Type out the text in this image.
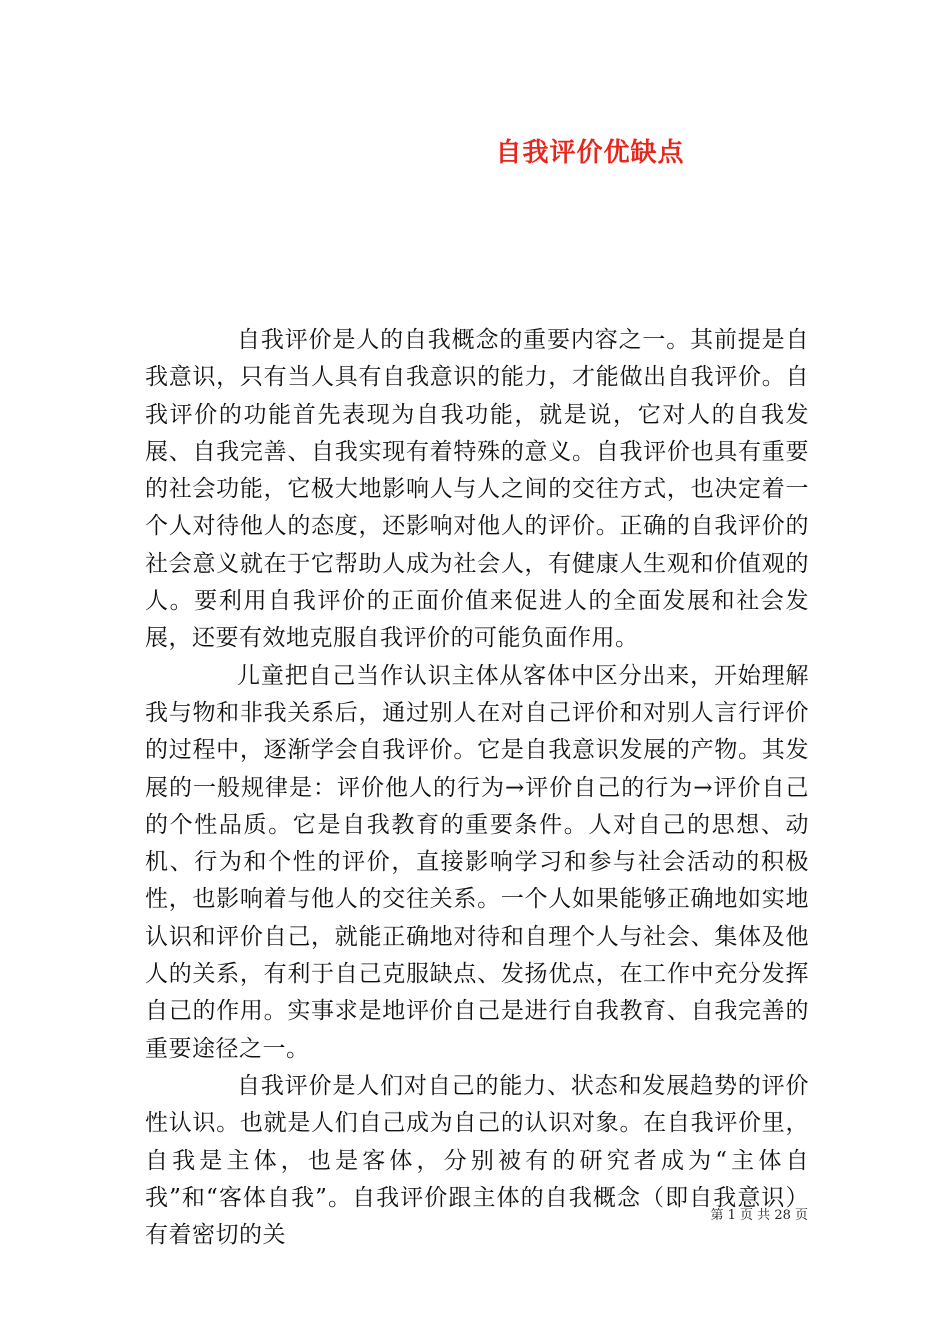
自我评价优缺点

自我评价是人的自我概念的重要内容之一。其前提是自我意识，只有当人具有自我意识的能力，才能做出自我评价。自我评价的功能首先表现为自我功能，就是说，它对人的自我发展、自我完善、自我实现有着特殊的意义。自我评价也具有重要的社会功能，它极大地影响人与人之间的交往方式，也决定着一个人对待他人的态度，还影响对他人的评价。正确的自我评价的社会意义就在于它帮助人成为社会人，有健康人生观和价值观的人。要利用自我评价的正面价值来促进人的全面发展和社会发展，还要有效地克服自我评价的可能负面作用。

儿童把自己当作认识主体从客体中区分出来，开始理解我与物和非我关系后，通过别人在对自己评价和对别人言行评价的过程中，逐渐学会自我评价。它是自我意识发展的产物。其发展的一般规律是：评价他人的行为→评价自己的行为→评价自己的个性品质。它是自我教育的重要条件。人对自己的思想、动机、行为和个性的评价，直接影响学习和参与社会活动的积极性，也影响着与他人的交往关系。一个人如果能够正确地如实地认识和评价自己，就能正确地对待和自理个人与社会、集体及他人的关系，有利于自己克服缺点、发扬优点，在工作中充分发挥自己的作用。实事求是地评价自己是进行自我教育、自我完善的重要途径之一。

自我评价是人们对自己的能力、状态和发展趋势的评价性认识。也就是人们自己成为自己的认识对象。在自我评价里，自我是主体，也是客体，分别被有的研究者成为“主体自我”和“客体自我”。自我评价跟主体的自我概念（即自我意识）有着密切的关

第 1 页 共 28 页
